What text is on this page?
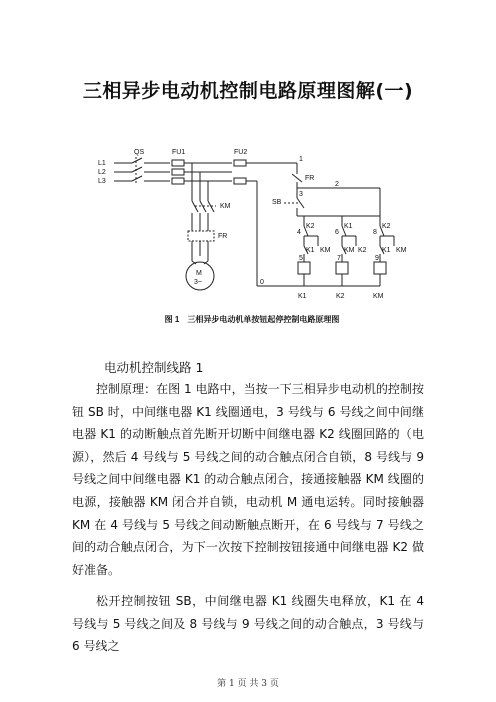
三相异步电动机控制电路原理图解(一)
L1
L2
L3
QS	FU1	FU2
KM
FR
M
3~
FR
SB
1
2
3
0
4
5
6
7
8
9
K2	K1	K2
K1 KM KM K2 K1 KM
K1	K2	KM
图 1　三相异步电动机单按钮起停控制电路原理图
电动机控制线路 1
控制原理：在图 1 电路中，当按一下三相异步电动机的控制按钮 SB 时，中间继电器 K1 线圈通电，3 号线与 6 号线之间中间继电器 K1 的动断触点首先断开切断中间继电器 K2 线圈回路的（电源），然后 4 号线与 5 号线之间的动合触点闭合自锁，8 号线与 9 号线之间中间继电器 K1 的动合触点闭合，接通接触器 KM 线圈的电源，接触器 KM 闭合并自锁，电动机 M 通电运转。同时接触器 KM 在 4 号线与 5 号线之间动断触点断开，在 6 号线与 7 号线之间的动合触点闭合，为下一次按下控制按钮接通中间继电器 K2 做好准备。
松开控制按钮 SB，中间继电器 K1 线圈失电释放，K1 在 4 号线与 5 号线之间及 8 号线与 9 号线之间的动合触点，3 号线与 6 号线之
第 1 页 共 3 页
